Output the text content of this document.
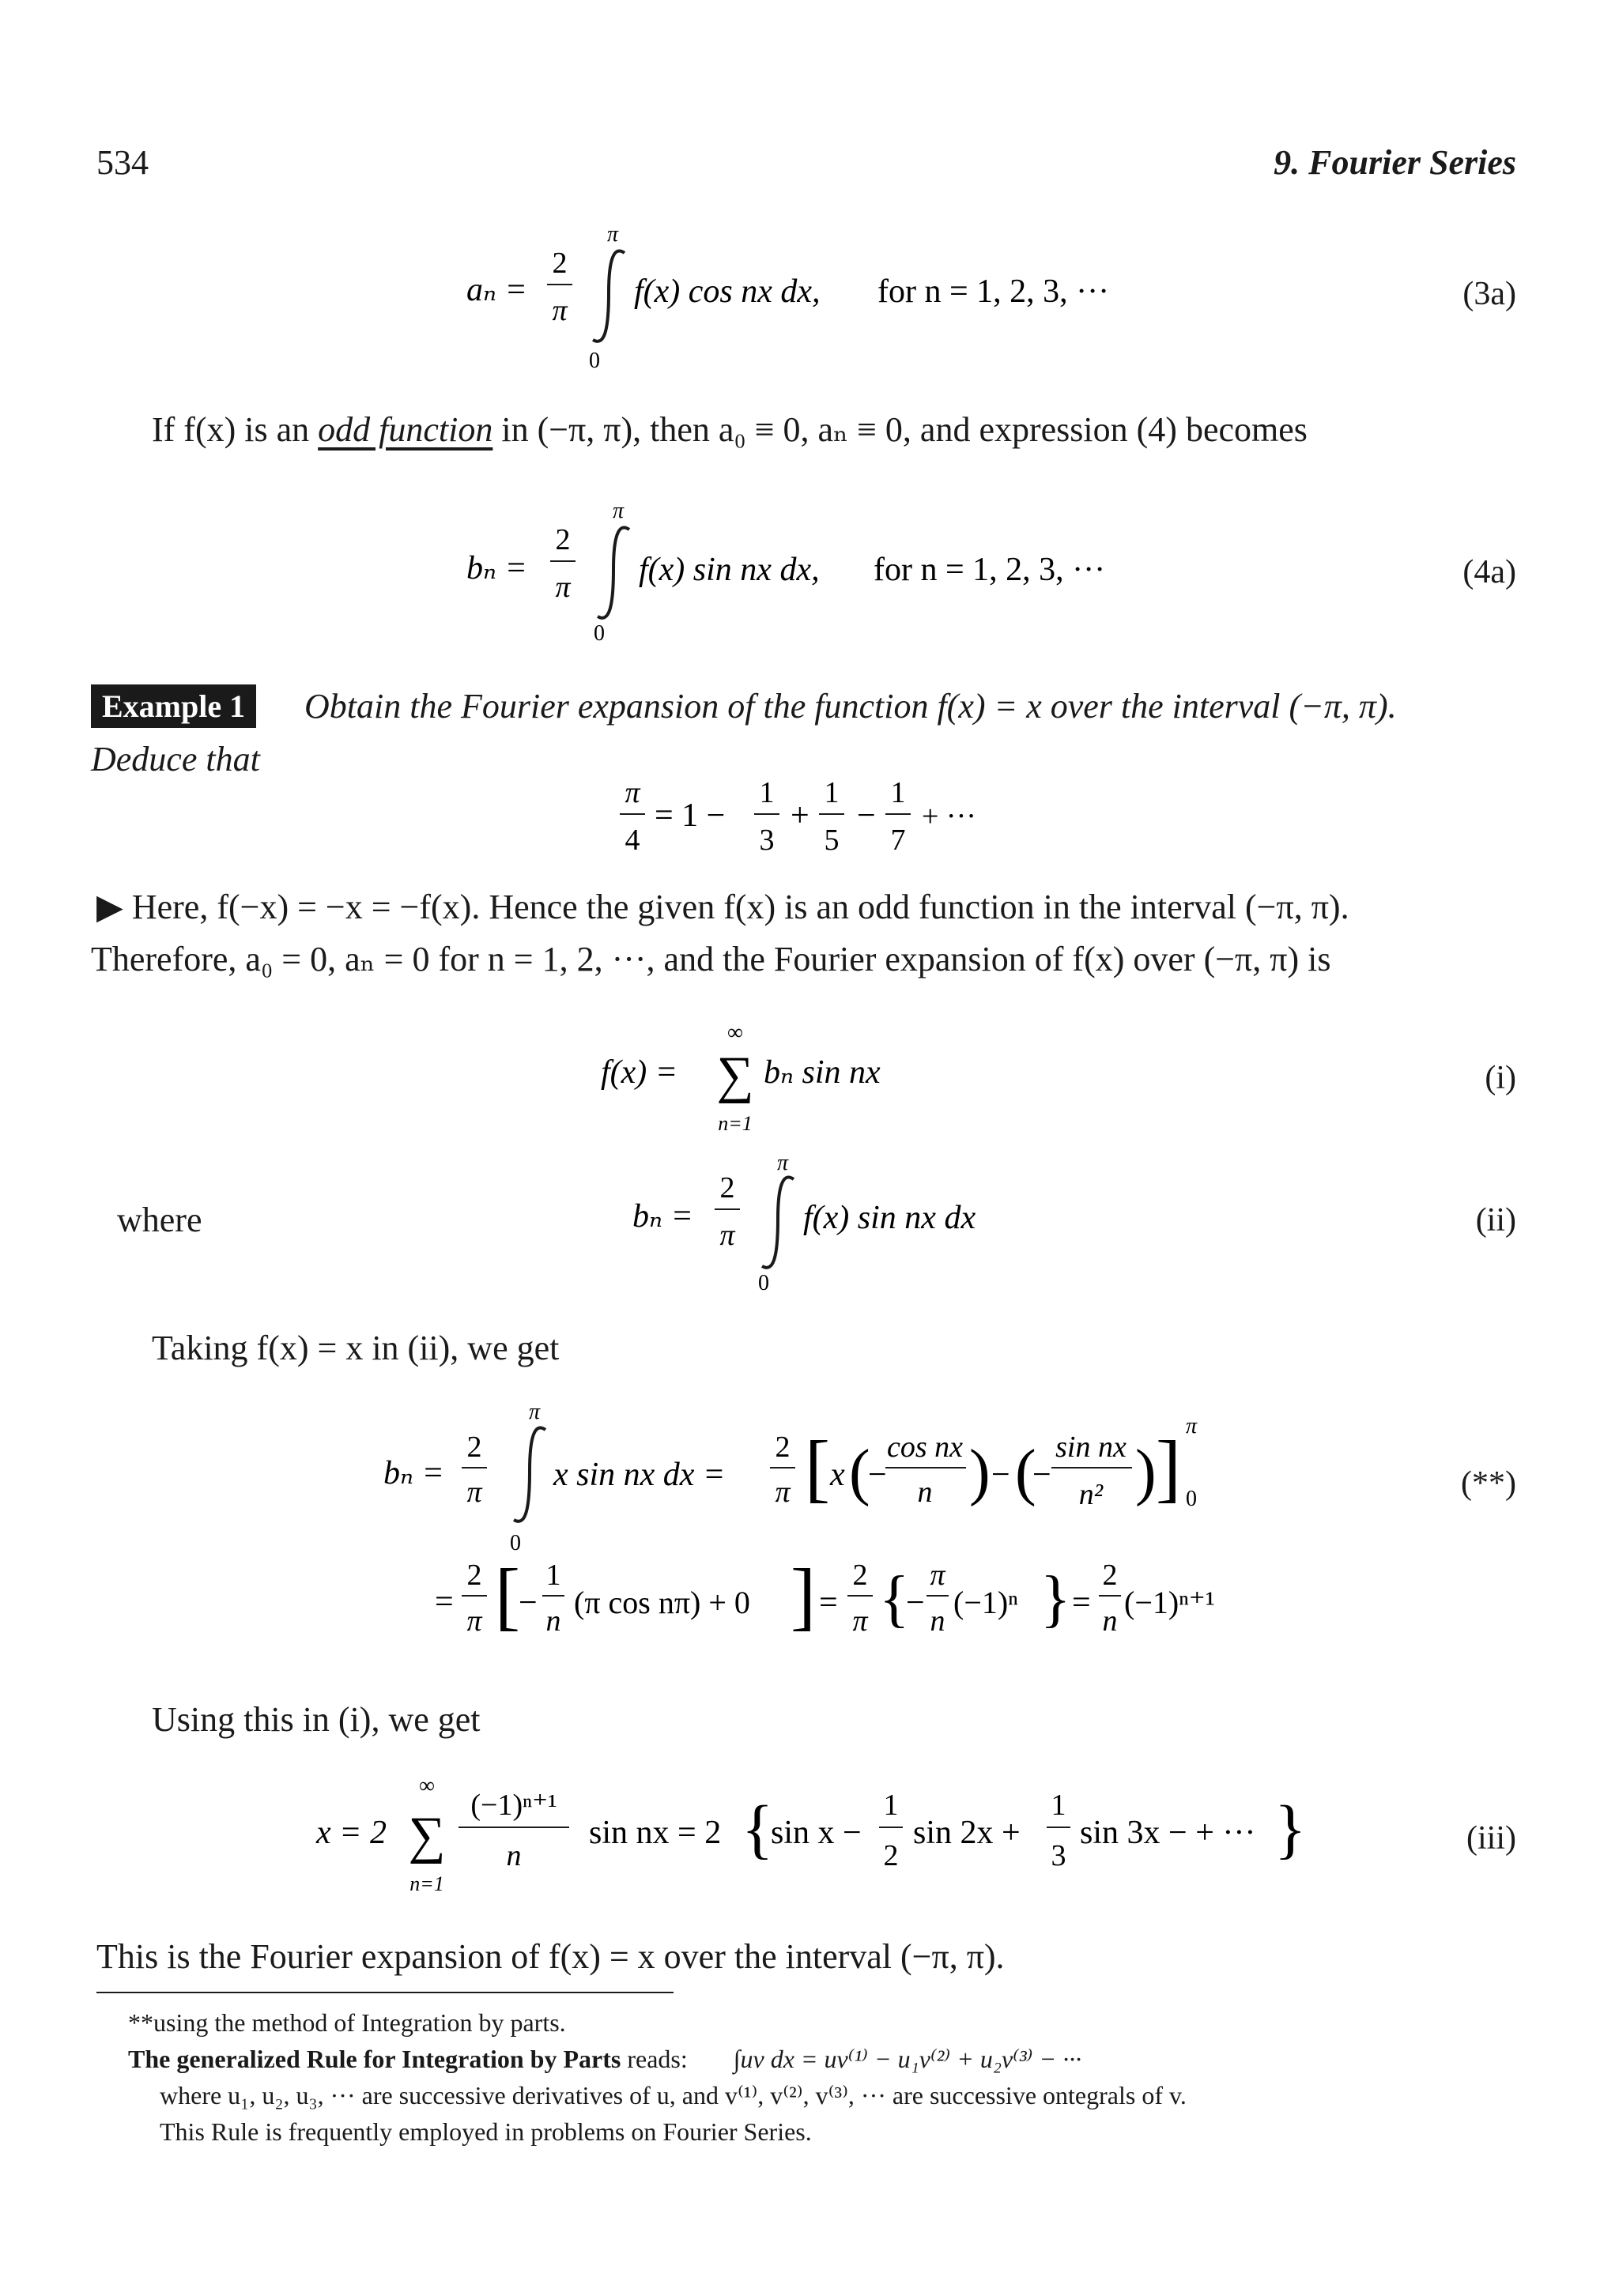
534	9. Fourier Series
aₙ =
2
π
π
0
f(x) cos nx dx, for n = 1, 2, 3, ···	(3a)
If f(x) is an odd function in (−π, π), then a₀ ≡ 0, aₙ ≡ 0, and expression (4) becomes
bₙ =
2
π
π
0
f(x) sin nx dx, for n = 1, 2, 3, ···	(4a)
Example 1	Obtain the Fourier expansion of the function f(x) = x over the interval (−π, π).
Deduce that
π
4
= 1 −
1
3
+
1
5
−
1
7
+ ···
▶ Here, f(−x) = −x = −f(x). Hence the given f(x) is an odd function in the interval (−π, π).
Therefore, a₀ = 0, aₙ = 0 for n = 1, 2, ···, and the Fourier expansion of f(x) over (−π, π) is
f(x) =
∞
∑
n=1
bₙ sin nx	(i)
where	bₙ =
2
π
π
0
f(x) sin nx dx	(ii)
Taking f(x) = x in (ii), we get
bₙ =
2
π
π
0
x sin nx dx =
2
π [ x (
−
cos nx
n ) − (
−
sin nx
n² ) ] π
0
=
2
π [
−
1
n
(π cos nπ) + 0 ] =
2
π {
−
π
n
(−1)ⁿ } =
2
n
(−1)ⁿ⁺¹
(**)
Using this in (i), we get
x = 2
∞
∑
n=1
(−1)ⁿ⁺¹
n
sin nx = 2 {
sin x −
1
2
sin 2x +
1
3
sin 3x − + ··· }	(iii)
This is the Fourier expansion of f(x) = x over the interval (−π, π).
**using the method of Integration by parts.
The generalized Rule for Integration by Parts reads: ∫uv dx = uv⁽¹⁾ − u₁v⁽²⁾ + u₂v⁽³⁾ − ···
where u₁, u₂, u₃, ··· are successive derivatives of u, and v⁽¹⁾, v⁽²⁾, v⁽³⁾, ··· are successive ontegrals of v.
This Rule is frequently employed in problems on Fourier Series.
